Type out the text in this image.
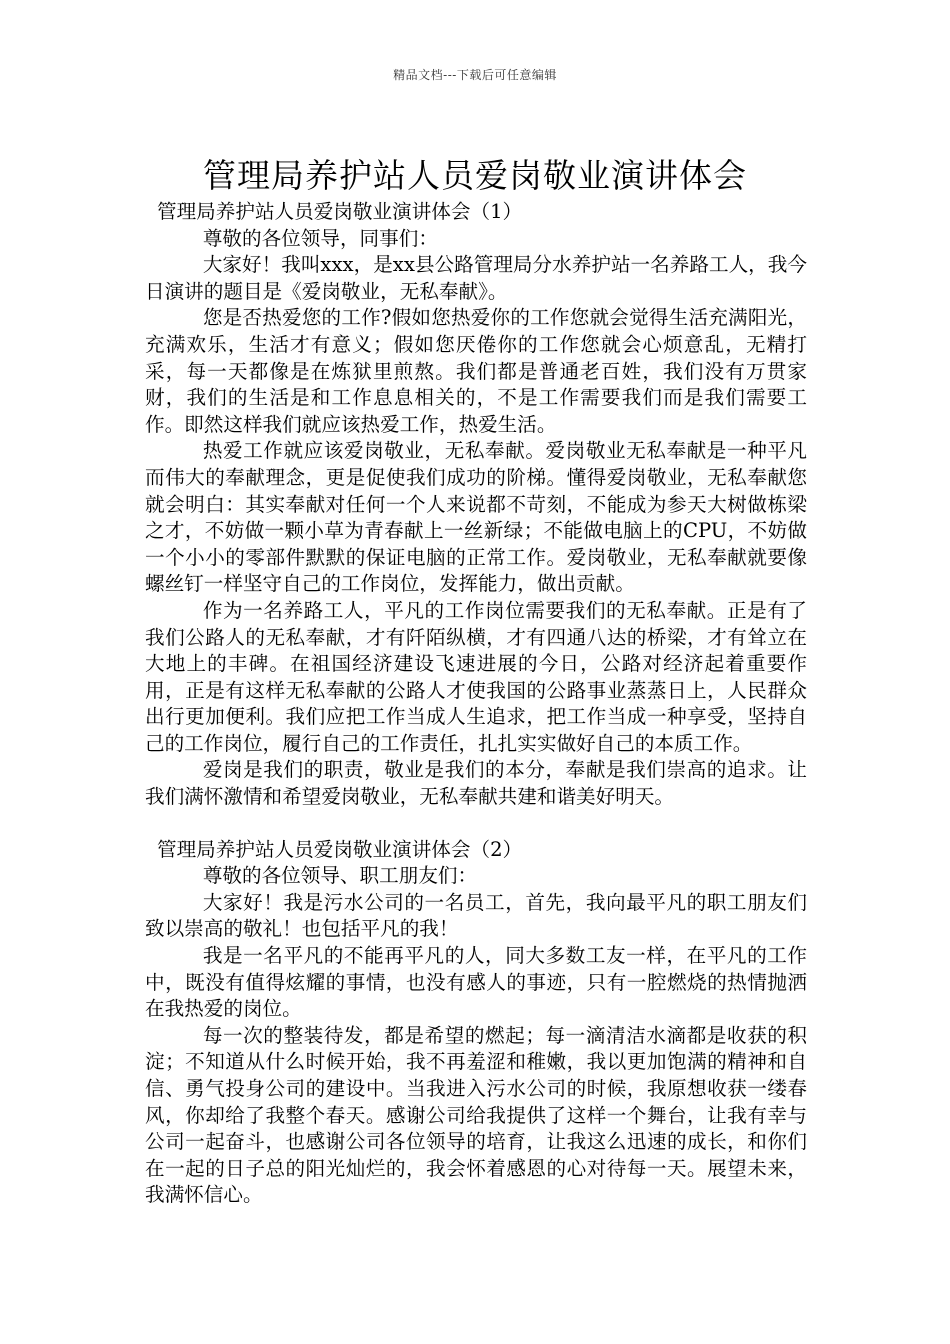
精品文档---下载后可任意编辑
管理局养护站人员爱岗敬业演讲体会

管理局养护站人员爱岗敬业演讲体会（1）

尊敬的各位领导，同事们：

大家好！我叫xxx，是xx县公路管理局分水养护站一名养路工人，我今日演讲的题目是《爱岗敬业，无私奉献》。

您是否热爱您的工作?假如您热爱你的工作您就会觉得生活充满阳光，充满欢乐，生活才有意义；假如您厌倦你的工作您就会心烦意乱，无精打采，每一天都像是在炼狱里煎熬。我们都是普通老百姓，我们没有万贯家财，我们的生活是和工作息息相关的，不是工作需要我们而是我们需要工作。即然这样我们就应该热爱工作，热爱生活。

热爱工作就应该爱岗敬业，无私奉献。爱岗敬业无私奉献是一种平凡而伟大的奉献理念，更是促使我们成功的阶梯。懂得爱岗敬业，无私奉献您就会明白：其实奉献对任何一个人来说都不苛刻，不能成为参天大树做栋梁之才，不妨做一颗小草为青春献上一丝新绿；不能做电脑上的CPU，不妨做一个小小的零部件默默的保证电脑的正常工作。爱岗敬业，无私奉献就要像螺丝钉一样坚守自己的工作岗位，发挥能力，做出贡献。

作为一名养路工人，平凡的工作岗位需要我们的无私奉献。正是有了我们公路人的无私奉献，才有阡陌纵横，才有四通八达的桥梁，才有耸立在大地上的丰碑。在祖国经济建设飞速进展的今日，公路对经济起着重要作用，正是有这样无私奉献的公路人才使我国的公路事业蒸蒸日上，人民群众出行更加便利。我们应把工作当成人生追求，把工作当成一种享受，坚持自己的工作岗位，履行自己的工作责任，扎扎实实做好自己的本质工作。

爱岗是我们的职责，敬业是我们的本分，奉献是我们崇高的追求。让我们满怀激情和希望爱岗敬业，无私奉献共建和谐美好明天。

管理局养护站人员爱岗敬业演讲体会（2）

尊敬的各位领导、职工朋友们：

大家好！我是污水公司的一名员工，首先，我向最平凡的职工朋友们致以崇高的敬礼！也包括平凡的我！

我是一名平凡的不能再平凡的人，同大多数工友一样，在平凡的工作中，既没有值得炫耀的事情，也没有感人的事迹，只有一腔燃烧的热情抛洒在我热爱的岗位。

每一次的整装待发，都是希望的燃起；每一滴清洁水滴都是收获的积淀；不知道从什么时候开始，我不再羞涩和稚嫩，我以更加饱满的精神和自信、勇气投身公司的建设中。当我进入污水公司的时候，我原想收获一缕春风，你却给了我整个春天。感谢公司给我提供了这样一个舞台，让我有幸与公司一起奋斗，也感谢公司各位领导的培育，让我这么迅速的成长，和你们在一起的日子总的阳光灿烂的，我会怀着感恩的心对待每一天。展望未来，我满怀信心。
